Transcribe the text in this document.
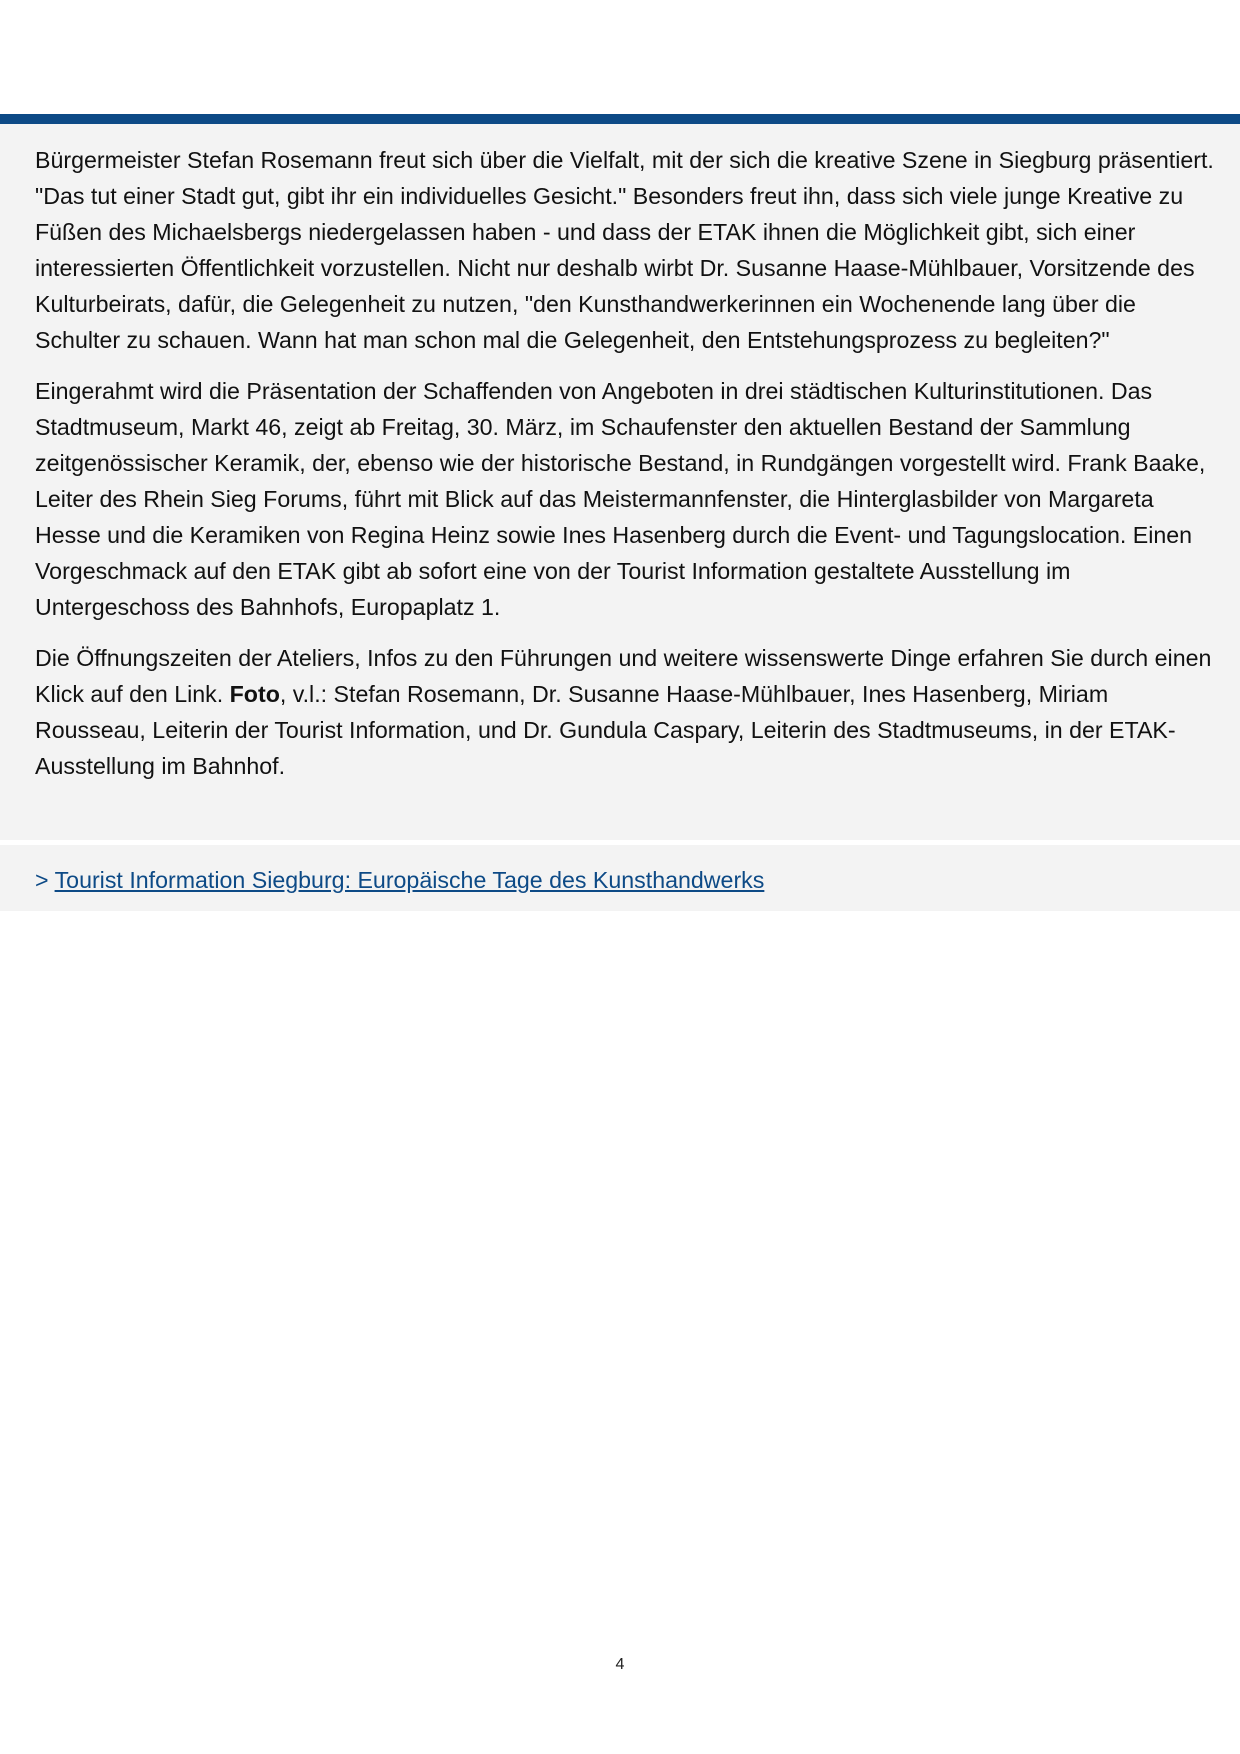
Bürgermeister Stefan Rosemann freut sich über die Vielfalt, mit der sich die kreative Szene in Siegburg präsentiert. "Das tut einer Stadt gut, gibt ihr ein individuelles Gesicht." Besonders freut ihn, dass sich viele junge Kreative zu Füßen des Michaelsbergs niedergelassen haben - und dass der ETAK ihnen die Möglichkeit gibt, sich einer interessierten Öffentlichkeit vorzustellen. Nicht nur deshalb wirbt Dr. Susanne Haase-Mühlbauer, Vorsitzende des Kulturbeirats, dafür, die Gelegenheit zu nutzen, "den Kunsthandwerkerinnen ein Wochenende lang über die Schulter zu schauen. Wann hat man schon mal die Gelegenheit, den Entstehungsprozess zu begleiten?"

Eingerahmt wird die Präsentation der Schaffenden von Angeboten in drei städtischen Kulturinstitutionen. Das Stadtmuseum, Markt 46, zeigt ab Freitag, 30. März, im Schaufenster den aktuellen Bestand der Sammlung zeitgenössischer Keramik, der, ebenso wie der historische Bestand, in Rundgängen vorgestellt wird. Frank Baake, Leiter des Rhein Sieg Forums, führt mit Blick auf das Meistermannfenster, die Hinterglasbilder von Margareta Hesse und die Keramiken von Regina Heinz sowie Ines Hasenberg durch die Event- und Tagungslocation. Einen Vorgeschmack auf den ETAK gibt ab sofort eine von der Tourist Information gestaltete Ausstellung im Untergeschoss des Bahnhofs, Europaplatz 1.

Die Öffnungszeiten der Ateliers, Infos zu den Führungen und weitere wissenswerte Dinge erfahren Sie durch einen Klick auf den Link. Foto, v.l.: Stefan Rosemann, Dr. Susanne Haase-Mühlbauer, Ines Hasenberg, Miriam Rousseau, Leiterin der Tourist Information, und Dr. Gundula Caspary, Leiterin des Stadtmuseums, in der ETAK-Ausstellung im Bahnhof.

> Tourist Information Siegburg: Europäische Tage des Kunsthandwerks
4
